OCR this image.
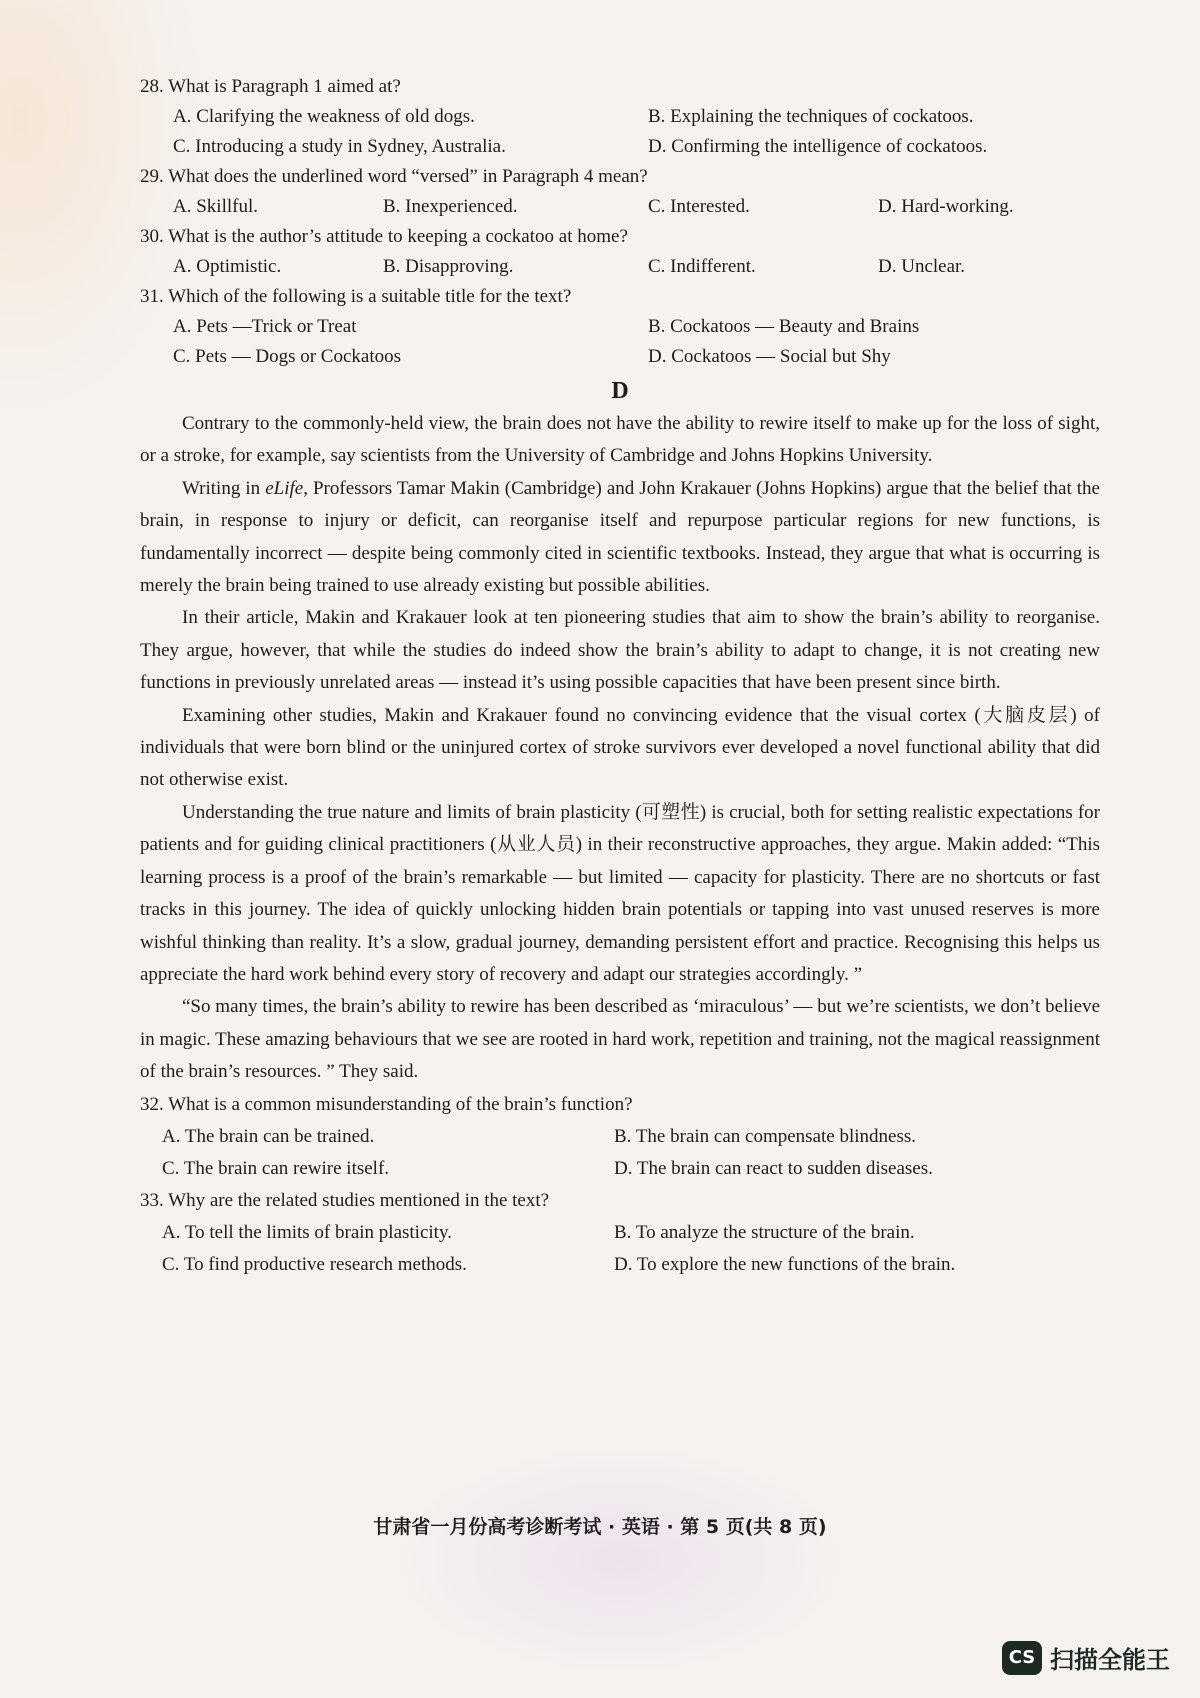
28. What is Paragraph 1 aimed at?

A. Clarifying the weakness of old dogs.	B. Explaining the techniques of cockatoos.
C. Introducing a study in Sydney, Australia.	D. Confirming the intelligence of cockatoos.

29. What does the underlined word “versed” in Paragraph 4 mean?

A. Skillful.	B. Inexperienced.	C. Interested.	D. Hard-working.

30. What is the author’s attitude to keeping a cockatoo at home?

A. Optimistic.	B. Disapproving.	C. Indifferent.	D. Unclear.

31. Which of the following is a suitable title for the text?

A. Pets —Trick or Treat	B. Cockatoos — Beauty and Brains
C. Pets — Dogs or Cockatoos	D. Cockatoos — Social but Shy

D

Contrary to the commonly-held view, the brain does not have the ability to rewire itself to make up for the loss of sight, or a stroke, for example, say scientists from the University of Cambridge and Johns Hopkins University.

Writing in eLife, Professors Tamar Makin (Cambridge) and John Krakauer (Johns Hopkins) argue that the belief that the brain, in response to injury or deficit, can reorganise itself and repurpose particular regions for new functions, is fundamentally incorrect — despite being commonly cited in scientific textbooks. Instead, they argue that what is occurring is merely the brain being trained to use already existing but possible abilities.

In their article, Makin and Krakauer look at ten pioneering studies that aim to show the brain’s ability to reorganise. They argue, however, that while the studies do indeed show the brain’s ability to adapt to change, it is not creating new functions in previously unrelated areas — instead it’s using possible capacities that have been present since birth.

Examining other studies, Makin and Krakauer found no convincing evidence that the visual cortex (大脑皮层) of individuals that were born blind or the uninjured cortex of stroke survivors ever developed a novel functional ability that did not otherwise exist.

Understanding the true nature and limits of brain plasticity (可塑性) is crucial, both for setting realistic expectations for patients and for guiding clinical practitioners (从业人员) in their reconstructive approaches, they argue. Makin added: “This learning process is a proof of the brain’s remarkable — but limited — capacity for plasticity. There are no shortcuts or fast tracks in this journey. The idea of quickly unlocking hidden brain potentials or tapping into vast unused reserves is more wishful thinking than reality. It’s a slow, gradual journey, demanding persistent effort and practice. Recognising this helps us appreciate the hard work behind every story of recovery and adapt our strategies accordingly. ”

“So many times, the brain’s ability to rewire has been described as ‘miraculous’ — but we’re scientists, we don’t believe in magic. These amazing behaviours that we see are rooted in hard work, repetition and training, not the magical reassignment of the brain’s resources. ” They said.

32. What is a common misunderstanding of the brain’s function?

A. The brain can be trained.	B. The brain can compensate blindness.
C. The brain can rewire itself.	D. The brain can react to sudden diseases.

33. Why are the related studies mentioned in the text?

A. To tell the limits of brain plasticity.	B. To analyze the structure of the brain.
C. To find productive research methods.	D. To explore the new functions of the brain.
甘肃省一月份高考诊断考试 · 英语 · 第 5 页(共 8 页)
CS 扫描全能王
